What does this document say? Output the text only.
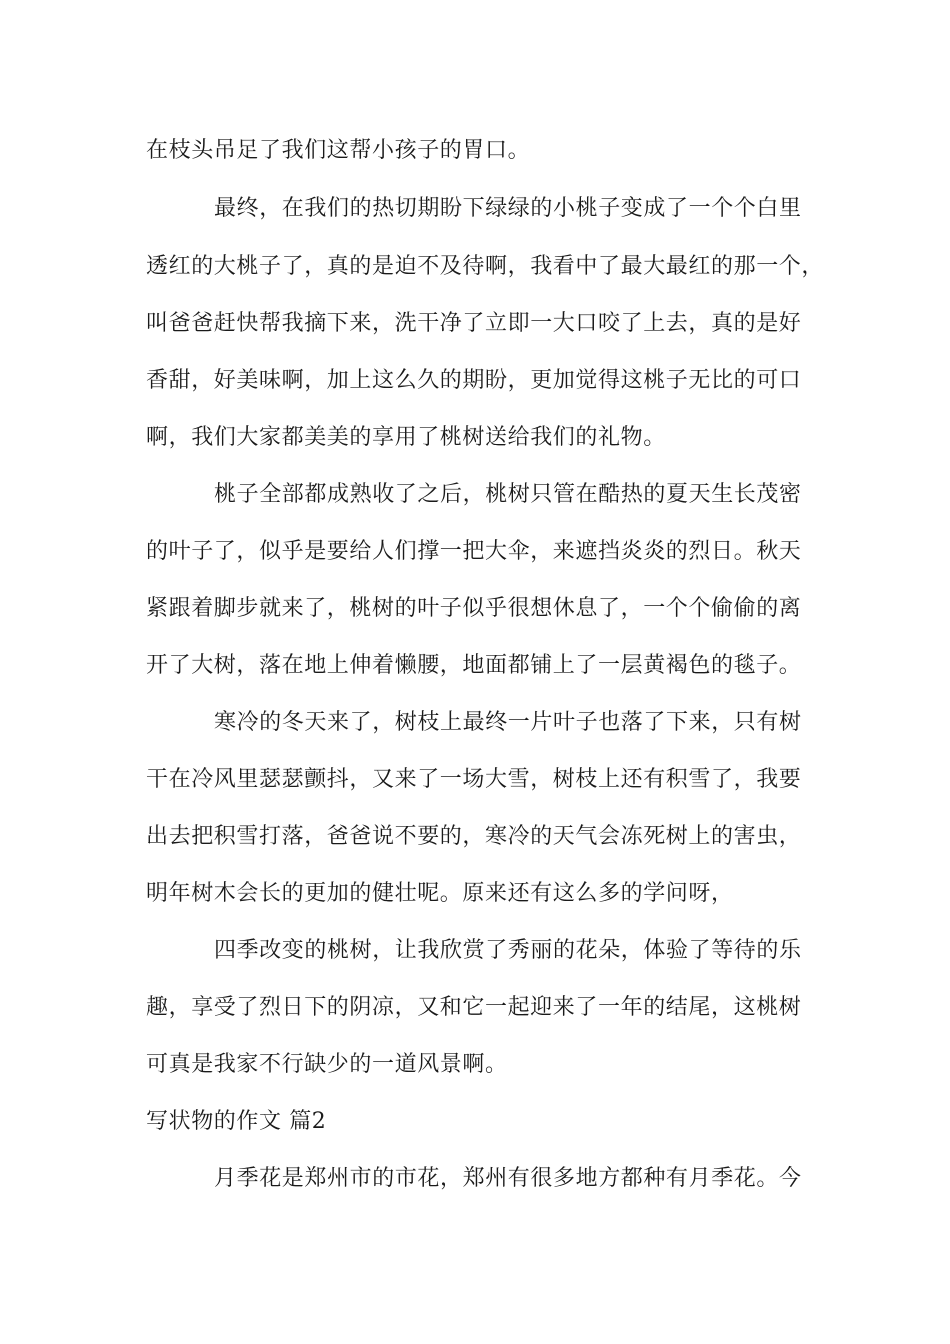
在枝头吊足了我们这帮小孩子的胃口。
最终，在我们的热切期盼下绿绿的小桃子变成了一个个白里
透红的大桃子了，真的是迫不及待啊，我看中了最大最红的那一个，
叫爸爸赶快帮我摘下来，洗干净了立即一大口咬了上去，真的是好
香甜，好美味啊，加上这么久的期盼，更加觉得这桃子无比的可口
啊，我们大家都美美的享用了桃树送给我们的礼物。
桃子全部都成熟收了之后，桃树只管在酷热的夏天生长茂密
的叶子了，似乎是要给人们撑一把大伞，来遮挡炎炎的烈日。秋天
紧跟着脚步就来了，桃树的叶子似乎很想休息了，一个个偷偷的离
开了大树，落在地上伸着懒腰，地面都铺上了一层黄褐色的毯子。
寒冷的冬天来了，树枝上最终一片叶子也落了下来，只有树
干在冷风里瑟瑟颤抖，又来了一场大雪，树枝上还有积雪了，我要
出去把积雪打落，爸爸说不要的，寒冷的天气会冻死树上的害虫，
明年树木会长的更加的健壮呢。原来还有这么多的学问呀，
四季改变的桃树，让我欣赏了秀丽的花朵，体验了等待的乐
趣，享受了烈日下的阴凉，又和它一起迎来了一年的结尾，这桃树
可真是我家不行缺少的一道风景啊。
写状物的作文 篇2
月季花是郑州市的市花，郑州有很多地方都种有月季花。今
